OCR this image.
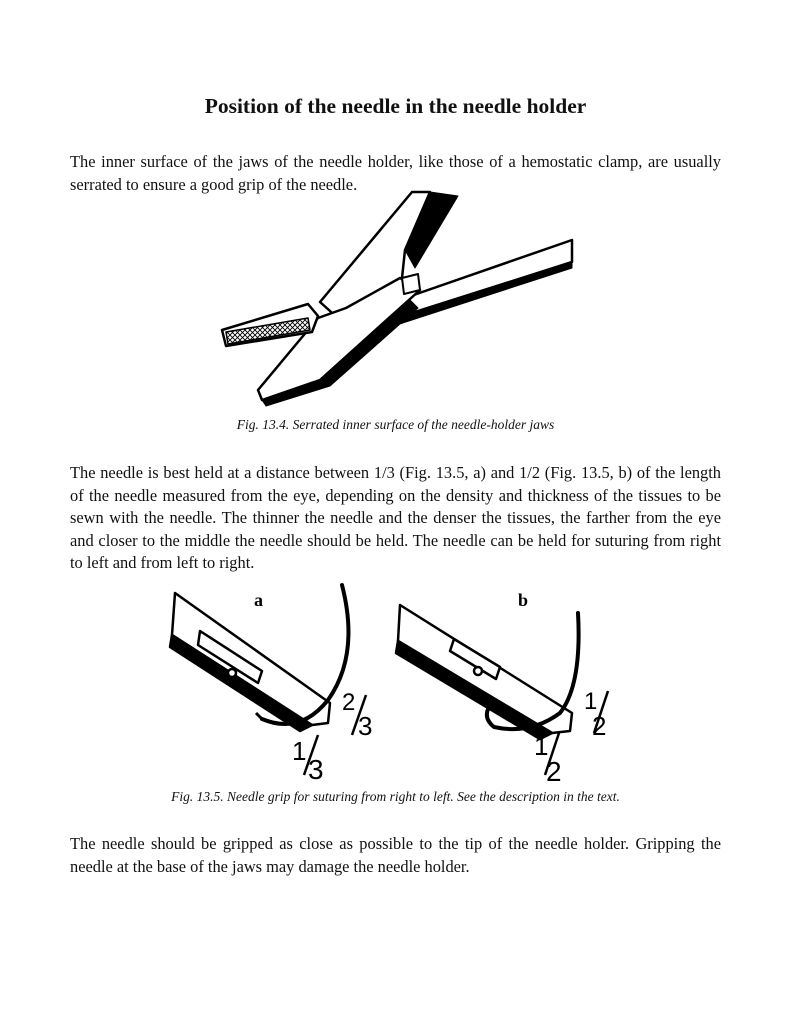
Position of the needle in the needle holder

The inner surface of the jaws of the needle holder, like those of a hemostatic clamp, are usually serrated to ensure a good grip of the needle.

Fig. 13.4. Serrated inner surface of the needle-holder jaws

The needle is best held at a distance between 1/3 (Fig. 13.5, a) and 1/2 (Fig. 13.5, b) of the length of the needle measured from the eye, depending on the density and thickness of the tissues to be sewn with the needle. The thinner the needle and the denser the tissues, the farther from the eye and closer to the middle the needle should be held. The needle can be held for suturing from right to left and from left to right.

a
1
3
2
3
b
1
2
1
2

Fig. 13.5. Needle grip for suturing from right to left. See the description in the text.

The needle should be gripped as close as possible to the tip of the needle holder. Gripping the needle at the base of the jaws may damage the needle holder.
